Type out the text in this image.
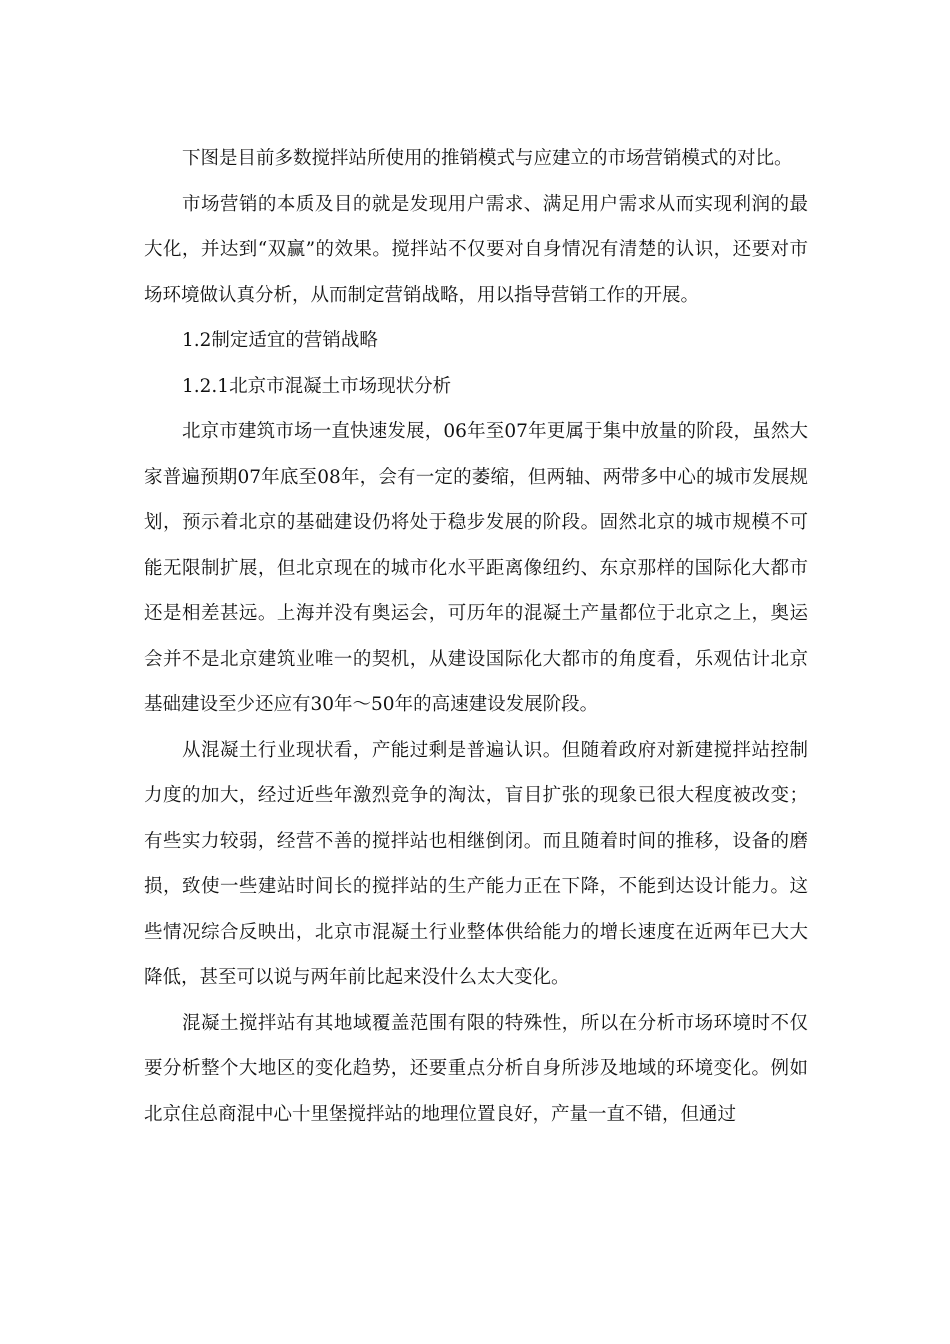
下图是目前多数搅拌站所使用的推销模式与应建立的市场营销模式的对比。

市场营销的本质及目的就是发现用户需求、满足用户需求从而实现利润的最大化，并达到“双赢”的效果。搅拌站不仅要对自身情况有清楚的认识，还要对市场环境做认真分析，从而制定营销战略，用以指导营销工作的开展。

1.2制定适宜的营销战略

1.2.1北京市混凝土市场现状分析

北京市建筑市场一直快速发展，06年至07年更属于集中放量的阶段，虽然大家普遍预期07年底至08年，会有一定的萎缩，但两轴、两带多中心的城市发展规划，预示着北京的基础建设仍将处于稳步发展的阶段。固然北京的城市规模不可能无限制扩展，但北京现在的城市化水平距离像纽约、东京那样的国际化大都市还是相差甚远。上海并没有奥运会，可历年的混凝土产量都位于北京之上，奥运会并不是北京建筑业唯一的契机，从建设国际化大都市的角度看，乐观估计北京基础建设至少还应有30年～50年的高速建设发展阶段。

从混凝土行业现状看，产能过剩是普遍认识。但随着政府对新建搅拌站控制力度的加大，经过近些年激烈竞争的淘汰，盲目扩张的现象已很大程度被改变；有些实力较弱，经营不善的搅拌站也相继倒闭。而且随着时间的推移，设备的磨损，致使一些建站时间长的搅拌站的生产能力正在下降，不能到达设计能力。这些情况综合反映出，北京市混凝土行业整体供给能力的增长速度在近两年已大大降低，甚至可以说与两年前比起来没什么太大变化。

混凝土搅拌站有其地域覆盖范围有限的特殊性，所以在分析市场环境时不仅要分析整个大地区的变化趋势，还要重点分析自身所涉及地域的环境变化。例如北京住总商混中心十里堡搅拌站的地理位置良好，产量一直不错，但通过
